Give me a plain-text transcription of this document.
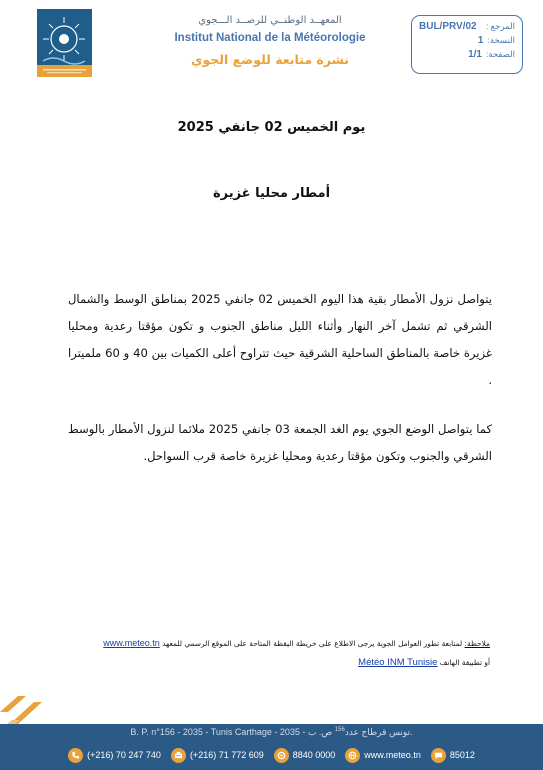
المعهــد الوطنــي للرصــد الـــجوي
Institut National de la Météorologie
نشرة متابعة للوضع الجوي
BUL/PRV/02 المرجع :
1 النسخة:
1/1 الصفحة:
يوم الخميس 02 جانفي 2025
أمطار محليا غزيرة

يتواصل نزول الأمطار بقية هذا اليوم الخميس 02 جانفي 2025 بمناطق الوسط والشمال الشرقي ثم تشمل آخر النهار وأثناء الليل مناطق الجنوب و تكون مؤقتا رعدية ومحليا غزيرة خاصة بالمناطق الساحلية الشرقية حيث تتراوح أعلى الكميات بين 40 و 60 ملميترا .

كما يتواصل الوضع الجوي يوم الغد الجمعة 03 جانفي 2025 ملائما لنزول الأمطار بالوسط الشرقي والجنوب وتكون مؤقتا رعدية ومحليا غزيرة خاصة قرب السواحل.

ملاحظة: لمتابعة تطور العوامل الجوية يرجى الاطلاع على خريطة اليقظة المتاحة على الموقع الرسمي للمعهد www.meteo.tn
أو تطبيقة الهاتف Météo INM Tunisie
B. P. n°156 - 2035 - Tunis Carthage - 2035 - تونس قرطاج عدد$^{156}$ ص. ب.
(+216) 70 247 740	(+216) 71 772 609	8840 0000	www.meteo.tn	85012
